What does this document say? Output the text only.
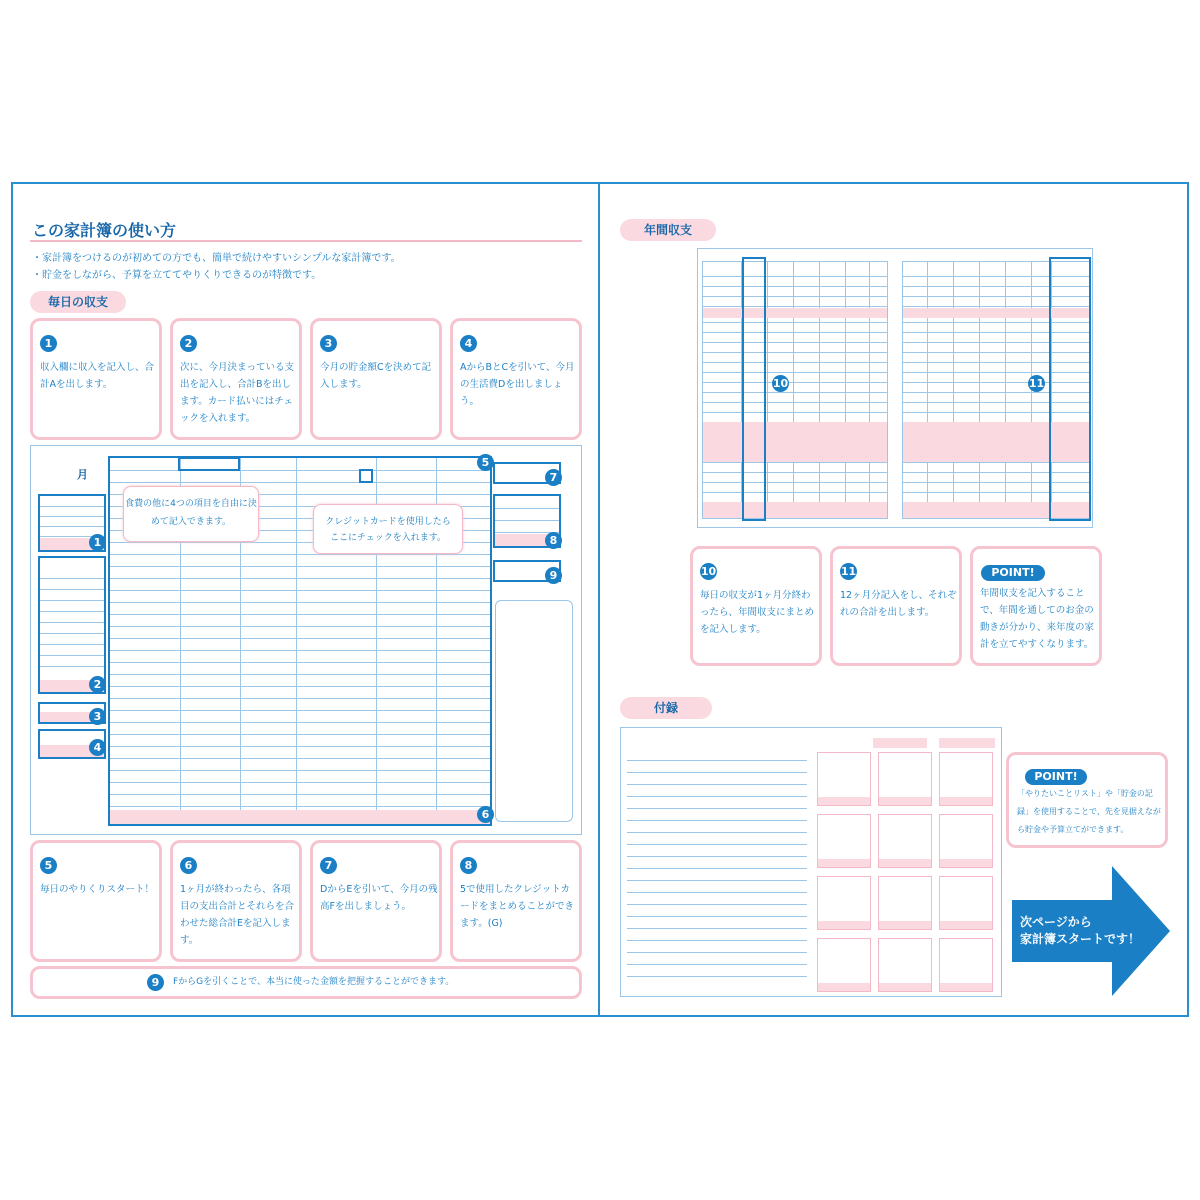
この家計簿の使い方
・家計簿をつけるのが初めての方でも、簡単で続けやすいシンプルな家計簿です。
・貯金をしながら、予算を立ててやりくりできるのが特徴です。
毎日の収支
1
収入欄に収入を記入し、合計Aを出します。
2
次に、今月決まっている支出を記入し、合計Bを出します。カード払いにはチェックを入れます。
3
今月の貯金額Cを決めて記入します。
4
AからBとCを引いて、今月の生活費Dを出しましょう。
月
1
2
3
4
食費の他に4つの項目を自由に決めて記入できます。	クレジットカードを使用したらここにチェックを入れます。
5
6
7
8
9
5
毎日のやりくりスタート！
6
1ヶ月が終わったら、各項目の支出合計とそれらを合わせた総合計Eを記入します。
7
DからEを引いて、今月の残高Fを出しましょう。
8
5で使用したクレジットカードをまとめることができます。(G)
9	FからGを引くことで、本当に使った金額を把握することができます。
年間収支
10	11
10
毎日の収支が1ヶ月分終わったら、年間収支にまとめを記入します。
11
12ヶ月分記入をし、それぞれの合計を出します。
POINT!
年間収支を記入することで、年間を通してのお金の動きが分かり、来年度の家計を立てやすくなります。
付録
POINT!
「やりたいことリスト」や「貯金の記録」を使用することで、先を見据えながら貯金や予算立てができます。
次ページから
家計簿スタートです！
